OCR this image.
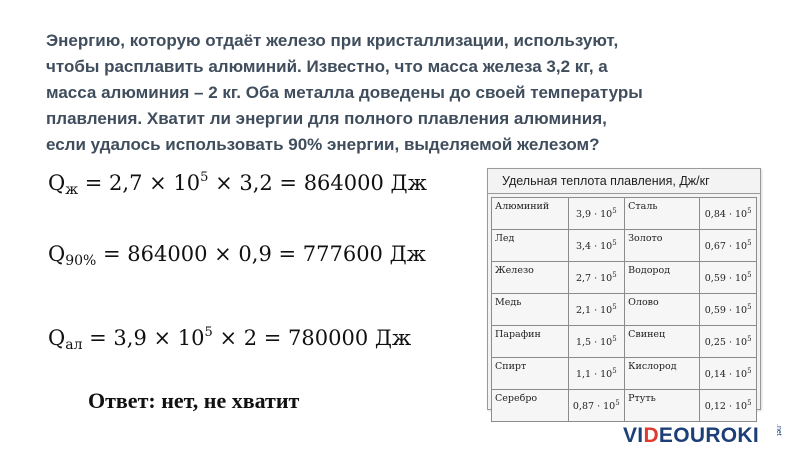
Энергию, которую отдаёт железо при кристаллизации, используют,
чтобы расплавить алюминий. Известно, что масса железа 3,2 кг, а
масса алюминия – 2 кг. Оба металла доведены до своей температуры
плавления. Хватит ли энергии для полного плавления алюминия,
если удалось использовать 90% энергии, выделяемой железом?
$Q_ж = 2,7 \times 10^5 \times 3,2 = 864000$ Дж
$Q_{90\%} = 864000 \times 0,9 = 777600$ Дж
$Q_{ал} = 3,9 \times 10^5 \times 2 = 780000$ Дж
Ответ: нет, не хватит
Удельная теплота плавления, Дж/кг
Алюминий	$3,9 \cdot 10^5$	Сталь	$0,84 \cdot 10^5$
Лед	$3,4 \cdot 10^5$	Золото	$0,67 \cdot 10^5$
Железо	$2,7 \cdot 10^5$	Водород	$0,59 \cdot 10^5$
Медь	$2,1 \cdot 10^5$	Олово	$0,59 \cdot 10^5$
Парафин	$1,5 \cdot 10^5$	Свинец	$0,25 \cdot 10^5$
Спирт	$1,1 \cdot 10^5$	Кислород	$0,14 \cdot 10^5$
Серебро	$0,87 \cdot 10^5$	Ртуть	$0,12 \cdot 10^5$
VIDEOUROKI .net
